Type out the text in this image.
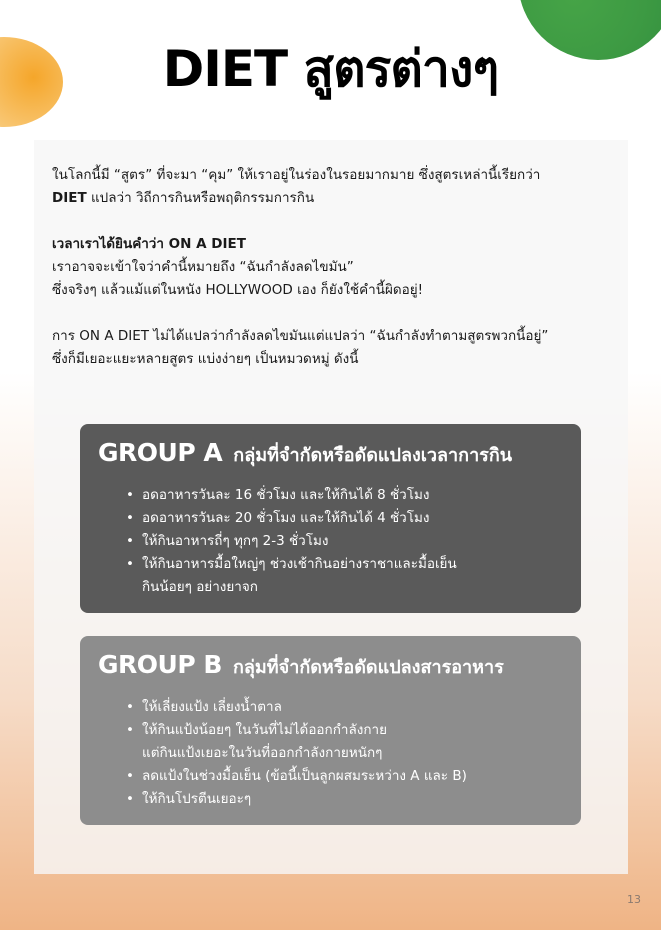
DIET สูตรต่างๆ
ในโลกนี้มี “สูตร” ที่จะมา “คุม” ให้เราอยู่ในร่องในรอยมากมาย ซึ่งสูตรเหล่านี้เรียกว่า
DIET แปลว่า วิถีการกินหรือพฤติกรรมการกิน
เวลาเราได้ยินคำว่า ON A DIET
เราอาจจะเข้าใจว่าคำนี้หมายถึง “ฉันกำลังลดไขมัน”
ซึ่งจริงๆ แล้วแม้แต่ในหนัง HOLLYWOOD เอง ก็ยังใช้คำนี้ผิดอยู่!
การ ON A DIET ไม่ได้แปลว่ากำลังลดไขมันแต่แปลว่า “ฉันกำลังทำตามสูตรพวกนี้อยู่”
ซึ่งก็มีเยอะแยะหลายสูตร แบ่งง่ายๆ เป็นหมวดหมู่ ดังนี้
GROUP A กลุ่มที่จำกัดหรือดัดแปลงเวลาการกิน
• อดอาหารวันละ 16 ชั่วโมง และให้กินได้ 8 ชั่วโมง
• อดอาหารวันละ 20 ชั่วโมง และให้กินได้ 4 ชั่วโมง
• ให้กินอาหารถี่ๆ ทุกๆ 2-3 ชั่วโมง
• ให้กินอาหารมื้อใหญ่ๆ ช่วงเช้ากินอย่างราชาและมื้อเย็น
กินน้อยๆ อย่างยาจก
GROUP B กลุ่มที่จำกัดหรือดัดแปลงสารอาหาร
• ให้เลี่ยงแป้ง เลี่ยงน้ำตาล
• ให้กินแป้งน้อยๆ ในวันที่ไม่ได้ออกกำลังกาย
แต่กินแป้งเยอะในวันที่ออกกำลังกายหนักๆ
• ลดแป้งในช่วงมื้อเย็น (ข้อนี้เป็นลูกผสมระหว่าง A และ B)
• ให้กินโปรตีนเยอะๆ
13
